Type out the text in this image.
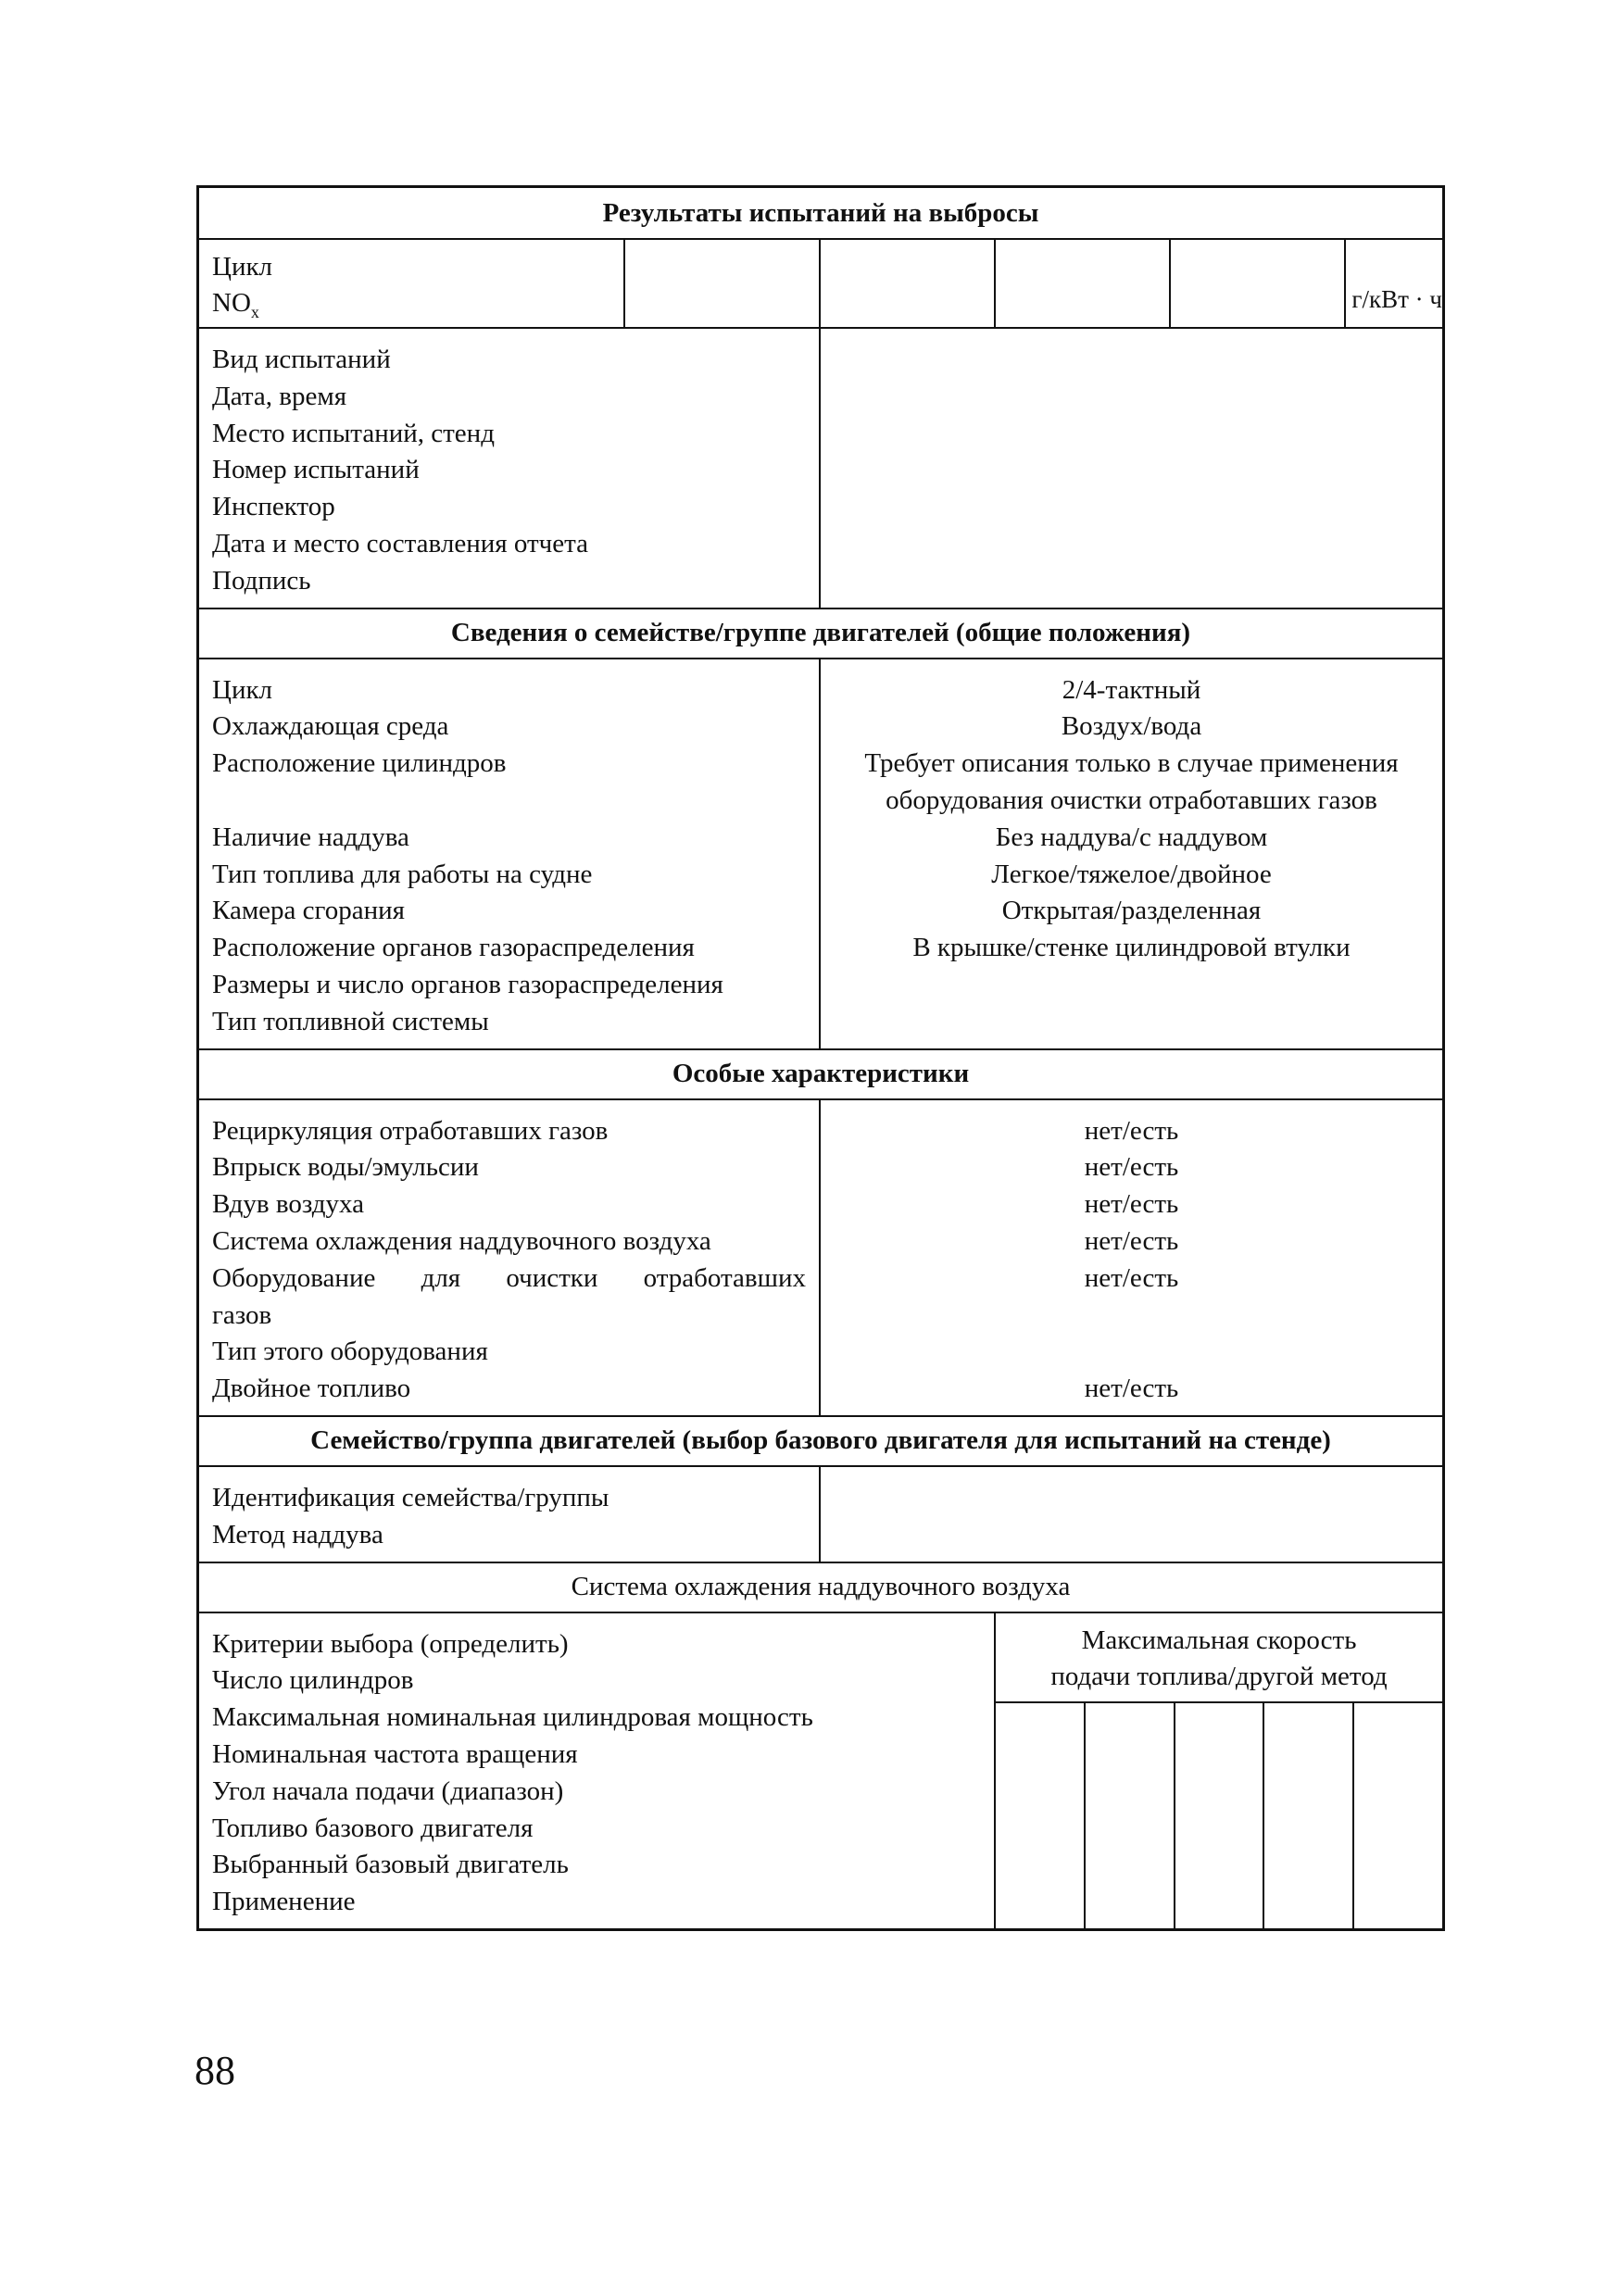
Результаты испытаний на выбросы
Цикл
$NO_x$	г/кВт · ч
Вид испытаний
Дата, время
Место испытаний, стенд
Номер испытаний
Инспектор
Дата и место составления отчета
Подпись
Сведения о семействе/группе двигателей (общие положения)
Цикл
Охлаждающая среда
Расположение цилиндров

Наличие наддува
Тип топлива для работы на судне
Камера сгорания
Расположение органов газораспределения
Размеры и число органов газораспределения
Тип топливной системы
2/4-тактный
Воздух/вода
Требует описания только в случае применения
оборудования очистки отработавших газов
Без наддува/с наддувом
Легкое/тяжелое/двойное
Открытая/разделенная
В крышке/стенке цилиндровой втулки
Особые характеристики
Рециркуляция отработавших газов
Впрыск воды/эмульсии
Вдув воздуха
Система охлаждения наддувочного воздуха
Оборудование для очистки отработавших
газов
Тип этого оборудования
Двойное топливо
нет/есть
нет/есть
нет/есть
нет/есть
нет/есть

нет/есть
Семейство/группа двигателей (выбор базового двигателя для испытаний на стенде)
Идентификация семейства/группы
Метод наддува
Система охлаждения наддувочного воздуха
Критерии выбора (определить)
Число цилиндров
Максимальная номинальная цилиндровая мощность
Номинальная частота вращения
Угол начала подачи (диапазон)
Топливо базового двигателя
Выбранный базовый двигатель
Применение
Максимальная скорость
подачи топлива/другой метод
88
